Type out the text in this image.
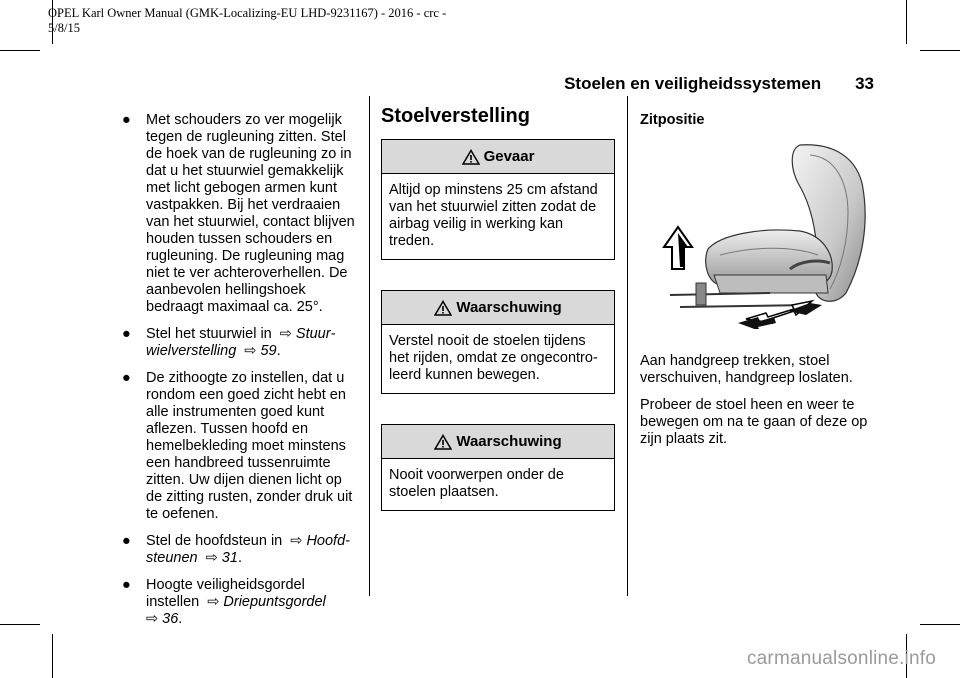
OPEL Karl Owner Manual (GMK-Localizing-EU LHD-9231167) - 2016 - crc -
5/8/15
Stoelen en veiligheidssystemen 33
●	Met schouders zo ver mogelijk tegen de rugleuning zitten. Stel de hoek van de rugleuning zo in dat u het stuurwiel gemakkelijk met licht gebogen armen kunt vastpakken. Bij het verdraaien van het stuurwiel, contact blijven houden tussen schouders en rugleuning. De rugleuning mag niet te ver achteroverhellen. De aanbevolen hellingshoek bedraagt maximaal ca. 25°.
●	Stel het stuurwiel in ⇨ Stuurwielverstelling ⇨ 59.
●	De zithoogte zo instellen, dat u rondom een goed zicht hebt en alle instrumenten goed kunt aflezen. Tussen hoofd en hemelbekleding moet minstens een handbreed tussenruimte zitten. Uw dijen dienen licht op de zitting rusten, zonder druk uit te oefenen.
●	Stel de hoofdsteun in ⇨ Hoofdsteunen ⇨ 31.
●	Hoogte veiligheidsgordel instellen ⇨ Driepuntsgordel
⇨ 36.
Stoelverstelling
Gevaar
Altijd op minstens 25 cm afstand van het stuurwiel zitten zodat de airbag veilig in werking kan treden.
Waarschuwing
Verstel nooit de stoelen tijdens het rijden, omdat ze ongecontroleerd kunnen bewegen.
Waarschuwing
Nooit voorwerpen onder de stoelen plaatsen.
Zitpositie
Aan handgreep trekken, stoel verschuiven, handgreep loslaten.
Probeer de stoel heen en weer te bewegen om na te gaan of deze op zijn plaats zit.
carmanualsonline.info
